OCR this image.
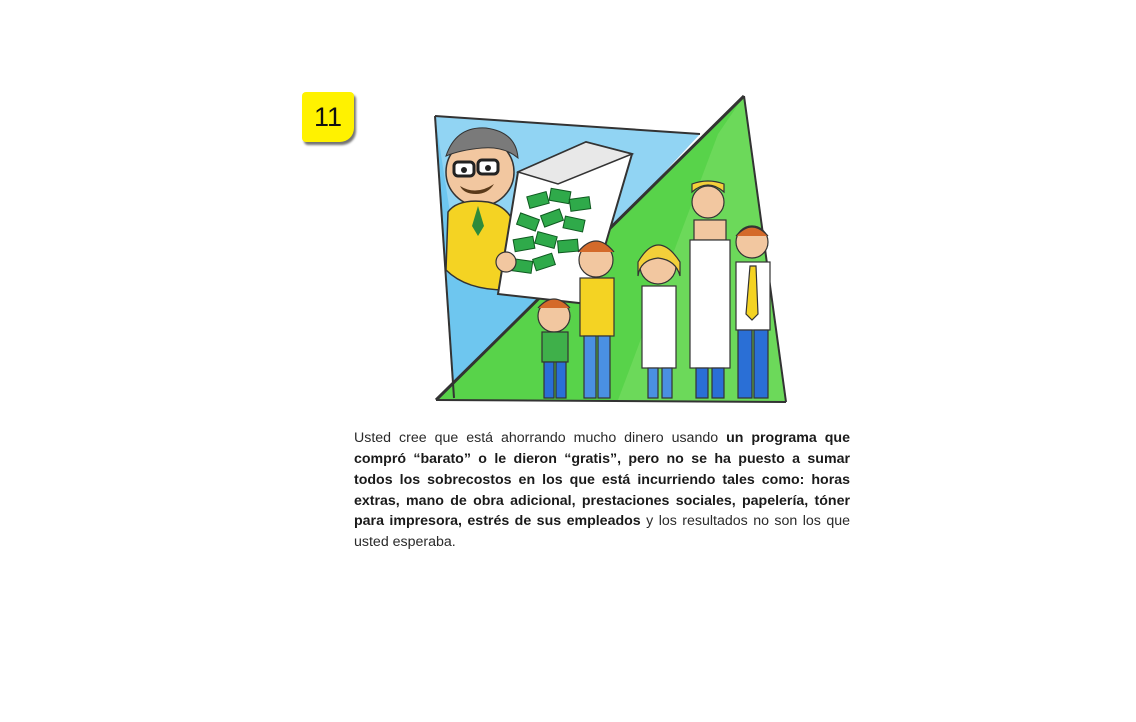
11

Usted cree que está ahorrando mucho dinero usando un programa que compró “barato” o le dieron “gratis”, pero no se ha puesto a sumar todos los sobrecostos en los que está incurriendo tales como: horas extras, mano de obra adicional, prestaciones sociales, papelería, tóner para impresora, estrés de sus empleados y los resultados no son los que usted esperaba.
